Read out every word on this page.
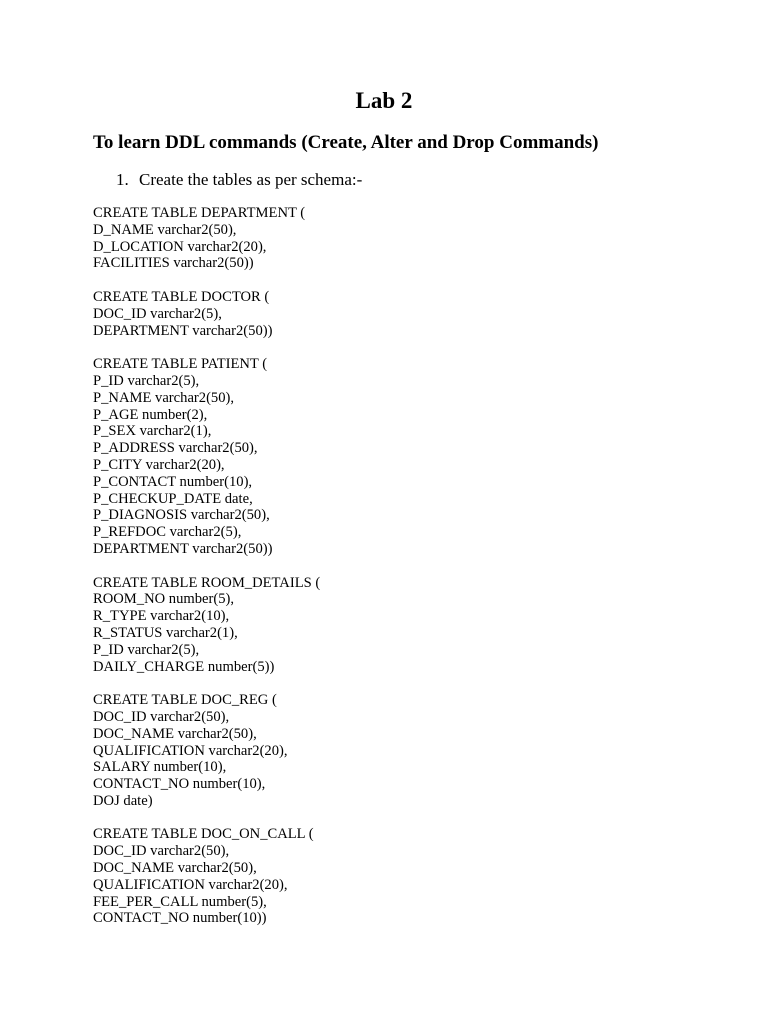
Lab 2
To learn DDL commands (Create, Alter and Drop Commands)
1. Create the tables as per schema:-
CREATE TABLE DEPARTMENT (
D_NAME varchar2(50),
D_LOCATION varchar2(20),
FACILITIES varchar2(50))
CREATE TABLE DOCTOR (
DOC_ID varchar2(5),
DEPARTMENT varchar2(50))
CREATE TABLE PATIENT (
P_ID varchar2(5),
P_NAME varchar2(50),
P_AGE number(2),
P_SEX varchar2(1),
P_ADDRESS varchar2(50),
P_CITY varchar2(20),
P_CONTACT number(10),
P_CHECKUP_DATE date,
P_DIAGNOSIS varchar2(50),
P_REFDOC varchar2(5),
DEPARTMENT varchar2(50))
CREATE TABLE ROOM_DETAILS (
ROOM_NO number(5),
R_TYPE varchar2(10),
R_STATUS varchar2(1),
P_ID varchar2(5),
DAILY_CHARGE number(5))
CREATE TABLE DOC_REG (
DOC_ID varchar2(50),
DOC_NAME varchar2(50),
QUALIFICATION varchar2(20),
SALARY number(10),
CONTACT_NO number(10),
DOJ date)
CREATE TABLE DOC_ON_CALL (
DOC_ID varchar2(50),
DOC_NAME varchar2(50),
QUALIFICATION varchar2(20),
FEE_PER_CALL number(5),
CONTACT_NO number(10))
